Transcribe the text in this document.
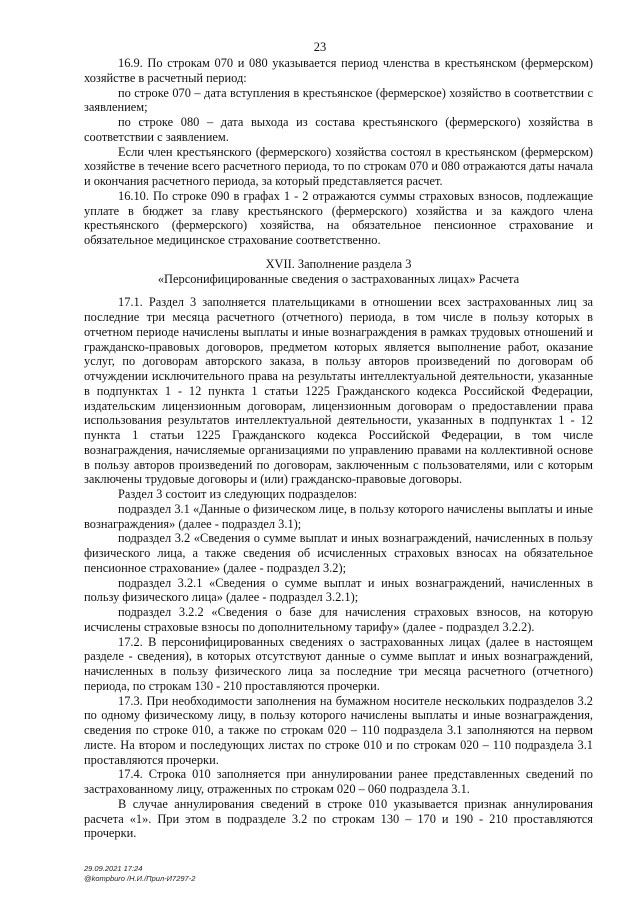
23

16.9. По строкам 070 и 080 указывается период членства в крестьянском (фермерском) хозяйстве в расчетный период:

по строке 070 – дата вступления в крестьянское (фермерское) хозяйство в соответствии с заявлением;

по строке 080 – дата выхода из состава крестьянского (фермерского) хозяйства в соответствии с заявлением.

Если член крестьянского (фермерского) хозяйства состоял в крестьянском (фермерском) хозяйстве в течение всего расчетного периода, то по строкам 070 и 080 отражаются даты начала и окончания расчетного периода, за который представляется расчет.

16.10. По строке 090 в графах 1 - 2 отражаются суммы страховых взносов, подлежащие уплате в бюджет за главу крестьянского (фермерского) хозяйства и за каждого члена крестьянского (фермерского) хозяйства, на обязательное пенсионное страхование и обязательное медицинское страхование соответственно.

XVII. Заполнение раздела 3

«Персонифицированные сведения о застрахованных лицах» Расчета

17.1. Раздел 3 заполняется плательщиками в отношении всех застрахованных лиц за последние три месяца расчетного (отчетного) периода, в том числе в пользу которых в отчетном периоде начислены выплаты и иные вознаграждения в рамках трудовых отношений и гражданско-правовых договоров, предметом которых является выполнение работ, оказание услуг, по договорам авторского заказа, в пользу авторов произведений по договорам об отчуждении исключительного права на результаты интеллектуальной деятельности, указанные в подпунктах 1 - 12 пункта 1 статьи 1225 Гражданского кодекса Российской Федерации, издательским лицензионным договорам, лицензионным договорам о предоставлении права использования результатов интеллектуальной деятельности, указанных в подпунктах 1 - 12 пункта 1 статьи 1225 Гражданского кодекса Российской Федерации, в том числе вознаграждения, начисляемые организациями по управлению правами на коллективной основе в пользу авторов произведений по договорам, заключенным с пользователями, или с которым заключены трудовые договоры и (или) гражданско-правовые договоры.

Раздел 3 состоит из следующих подразделов:

подраздел 3.1 «Данные о физическом лице, в пользу которого начислены выплаты и иные вознаграждения» (далее - подраздел 3.1);

подраздел 3.2 «Сведения о сумме выплат и иных вознаграждений, начисленных в пользу физического лица, а также сведения об исчисленных страховых взносах на обязательное пенсионное страхование» (далее - подраздел 3.2);

подраздел 3.2.1 «Сведения о сумме выплат и иных вознаграждений, начисленных в пользу физического лица» (далее - подраздел 3.2.1);

подраздел 3.2.2 «Сведения о базе для начисления страховых взносов, на которую исчислены страховые взносы по дополнительному тарифу» (далее - подраздел 3.2.2).

17.2. В персонифицированных сведениях о застрахованных лицах (далее в настоящем разделе - сведения), в которых отсутствуют данные о сумме выплат и иных вознаграждений, начисленных в пользу физического лица за последние три месяца расчетного (отчетного) периода, по строкам 130 - 210 проставляются прочерки.

17.3. При необходимости заполнения на бумажном носителе нескольких подразделов 3.2 по одному физическому лицу, в пользу которого начислены выплаты и иные вознаграждения, сведения по строке 010, а также по строкам 020 – 110 подраздела 3.1 заполняются на первом листе. На втором и последующих листах по строке 010 и по строкам 020 – 110 подраздела 3.1 проставляются прочерки.

17.4. Строка 010 заполняется при аннулировании ранее представленных сведений по застрахованному лицу, отраженных по строкам 020 – 060 подраздела 3.1.

В случае аннулирования сведений в строке 010 указывается признак аннулирования расчета «1». При этом в подразделе 3.2 по строкам 130 – 170 и 190 - 210 проставляются прочерки.

29.09.2021 17:24
@kompburo /Н.И./Прил-И7297-2
